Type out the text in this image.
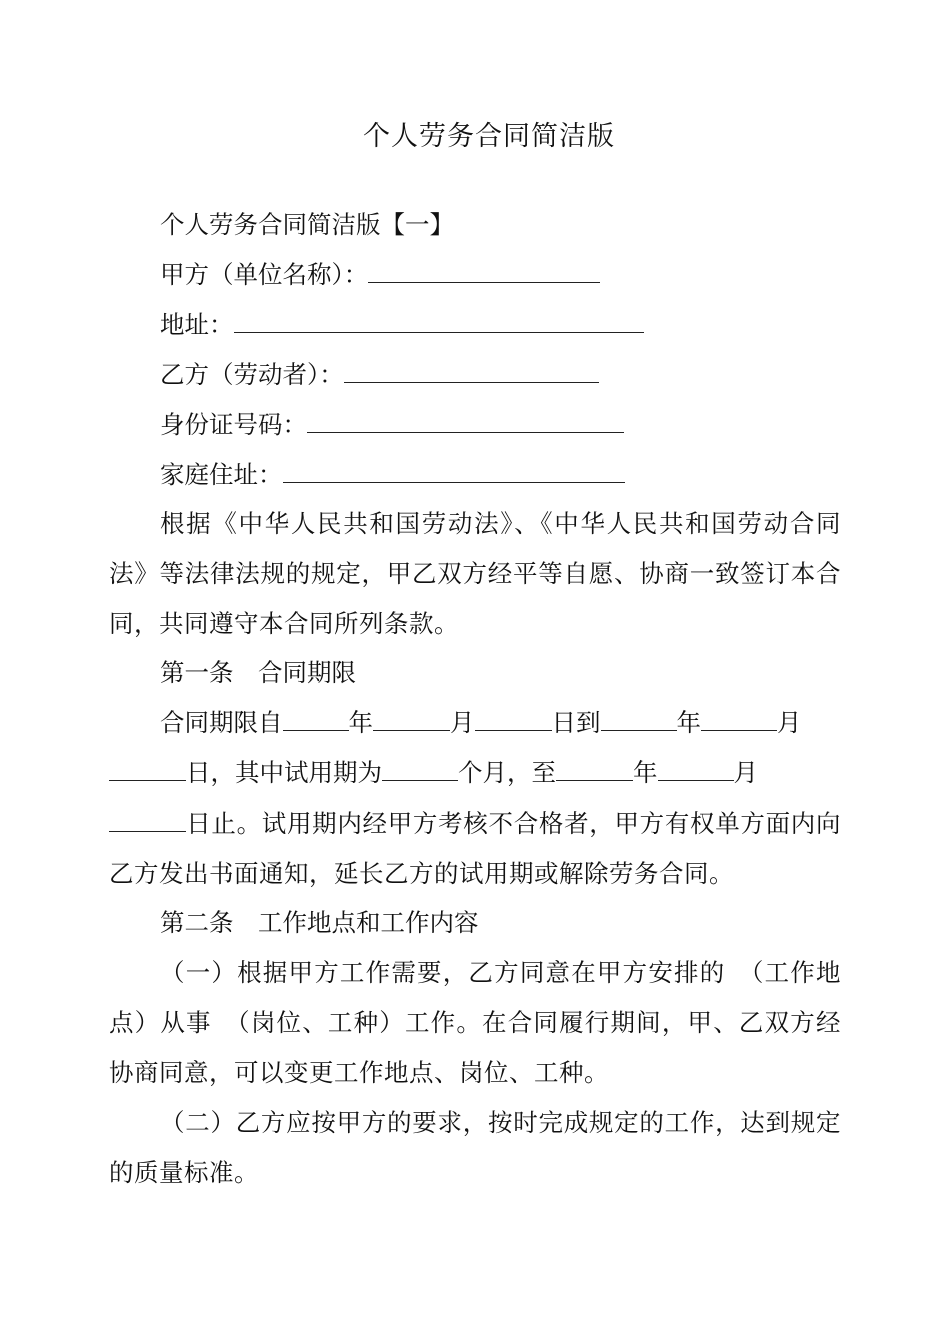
个人劳务合同简洁版
个人劳务合同简洁版【一】
甲方（单位名称）：
地址：
乙方（劳动者）：
身份证号码：
家庭住址：
根据《中华人民共和国劳动法》、《中华人民共和国劳动合同法》等法律法规的规定，甲乙双方经平等自愿、协商一致签订本合同，共同遵守本合同所列条款。
第一条　合同期限
合同期限自	年	月	日到	年	月
日，其中试用期为	个月，至	年	月
日止。试用期内经甲方考核不合格者，甲方有权单方面内向乙方发出书面通知，延长乙方的试用期或解除劳务合同。
第二条　工作地点和工作内容
（一）根据甲方工作需要，乙方同意在甲方安排的　（工作地点）从事　（岗位、工种）工作。在合同履行期间，甲、乙双方经协商同意，可以变更工作地点、岗位、工种。
（二）乙方应按甲方的要求，按时完成规定的工作，达到规定的质量标准。
